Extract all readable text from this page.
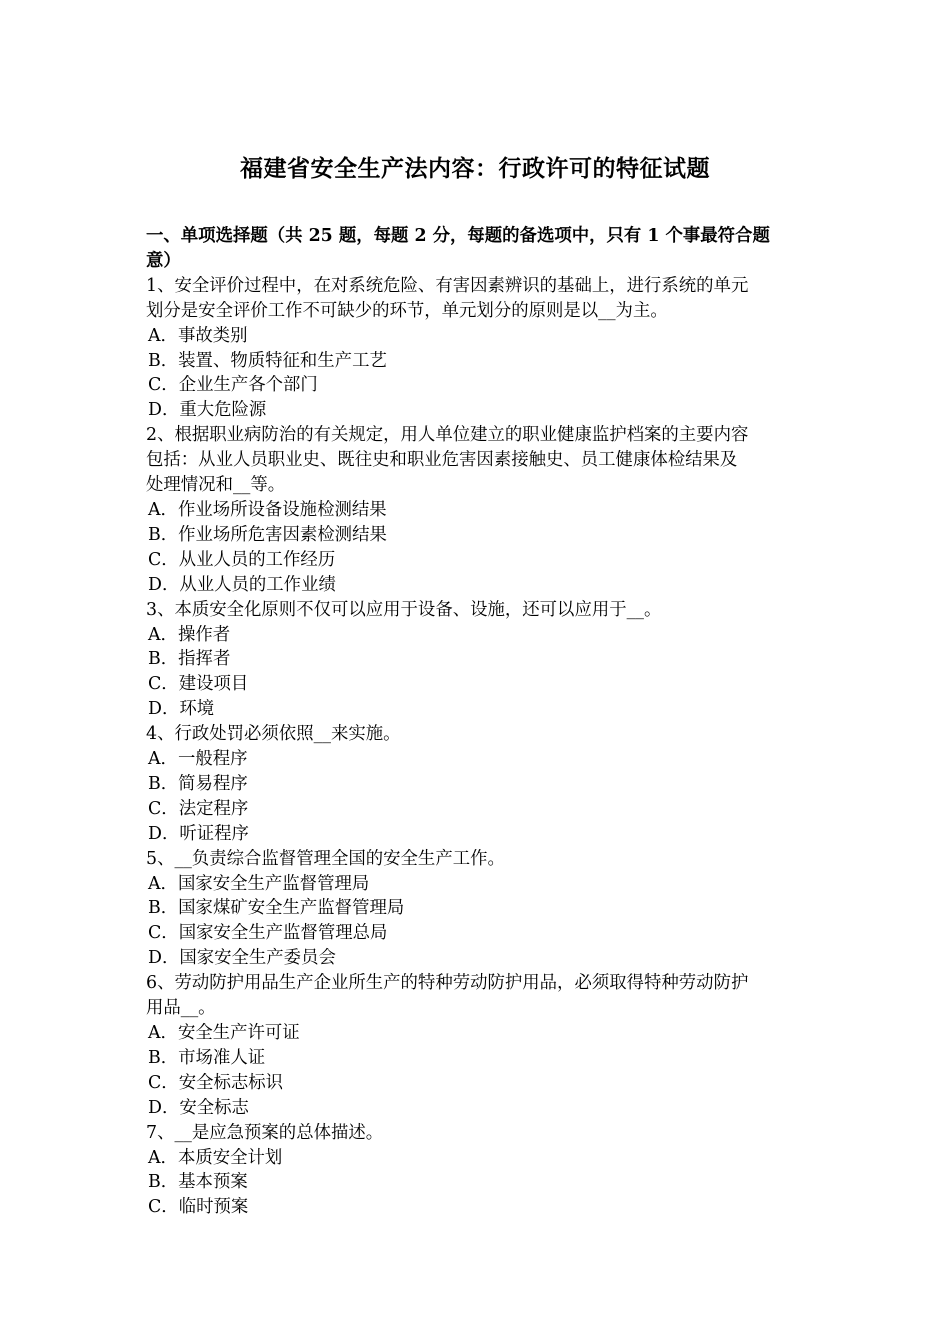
福建省安全生产法内容：行政许可的特征试题
一、单项选择题（共 25 题，每题 2 分，每题的备选项中，只有 1 个事最符合题
意）
1、安全评价过程中，在对系统危险、有害因素辨识的基础上，进行系统的单元
划分是安全评价工作不可缺少的环节，单元划分的原则是以__为主。
A．事故类别
B．装置、物质特征和生产工艺
C．企业生产各个部门
D．重大危险源
2、根据职业病防治的有关规定，用人单位建立的职业健康监护档案的主要内容
包括：从业人员职业史、既往史和职业危害因素接触史、员工健康体检结果及
处理情况和__等。
A．作业场所设备设施检测结果
B．作业场所危害因素检测结果
C．从业人员的工作经历
D．从业人员的工作业绩
3、本质安全化原则不仅可以应用于设备、设施，还可以应用于__。
A．操作者
B．指挥者
C．建设项目
D．环境
4、行政处罚必须依照__来实施。
A．一般程序
B．简易程序
C．法定程序
D．听证程序
5、__负责综合监督管理全国的安全生产工作。
A．国家安全生产监督管理局
B．国家煤矿安全生产监督管理局
C．国家安全生产监督管理总局
D．国家安全生产委员会
6、劳动防护用品生产企业所生产的特种劳动防护用品，必须取得特种劳动防护
用品__。
A．安全生产许可证
B．市场准人证
C．安全标志标识
D．安全标志
7、__是应急预案的总体描述。
A．本质安全计划
B．基本预案
C．临时预案
